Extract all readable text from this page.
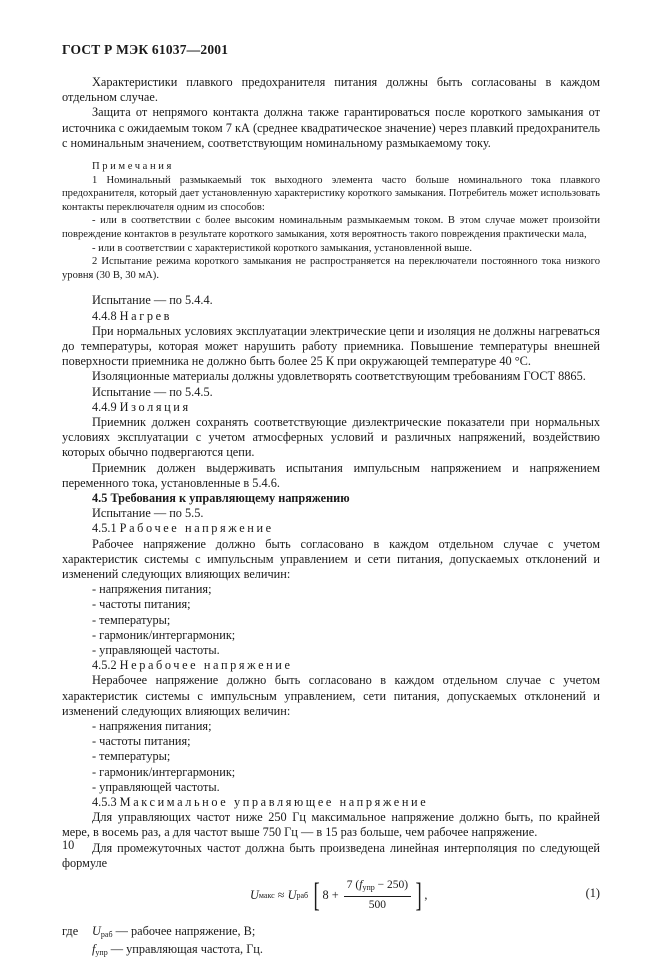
ГОСТ Р МЭК 61037—2001

Характеристики плавкого предохранителя питания должны быть согласованы в каждом отдельном случае.

Защита от непрямого контакта должна также гарантироваться после короткого замыкания от источника с ожидаемым током 7 кА (среднее квадратическое значение) через плавкий предохранитель с номинальным значением, соответствующим номинальному размыкаемому току.

Примечания

1 Номинальный размыкаемый ток выходного элемента часто больше номинального тока плавкого предохранителя, который дает установленную характеристику короткого замыкания. Потребитель может использовать контакты переключателя одним из способов:

- или в соответствии с более высоким номинальным размыкаемым током. В этом случае может произойти повреждение контактов в результате короткого замыкания, хотя вероятность такого повреждения практически мала,

- или в соответствии с характеристикой короткого замыкания, установленной выше.

2 Испытание режима короткого замыкания не распространяется на переключатели постоянного тока низкого уровня (30 В, 30 мА).

Испытание — по 5.4.4.

4.4.8 Нагрев

При нормальных условиях эксплуатации электрические цепи и изоляция не должны нагреваться до температуры, которая может нарушить работу приемника. Повышение температуры внешней поверхности приемника не должно быть более 25 К при окружающей температуре 40 °С.

Изоляционные материалы должны удовлетворять соответствующим требованиям ГОСТ 8865.

Испытание — по 5.4.5.

4.4.9 Изоляция

Приемник должен сохранять соответствующие диэлектрические показатели при нормальных условиях эксплуатации с учетом атмосферных условий и различных напряжений, воздействию которых обычно подвергаются цепи.

Приемник должен выдерживать испытания импульсным напряжением и напряжением переменного тока, установленные в 5.4.6.

4.5 Требования к управляющему напряжению

Испытание — по 5.5.

4.5.1 Рабочее напряжение

Рабочее напряжение должно быть согласовано в каждом отдельном случае с учетом характеристик системы с импульсным управлением и сети питания, допускаемых отклонений и изменений следующих влияющих величин:

- напряжения питания;

- частоты питания;

- температуры;

- гармоник/интергармоник;

- управляющей частоты.

4.5.2 Нерабочее напряжение

Нерабочее напряжение должно быть согласовано в каждом отдельном случае с учетом характеристик системы с импульсным управлением, сети питания, допускаемых отклонений и изменений следующих влияющих величин:

- напряжения питания;

- частоты питания;

- температуры;

- гармоник/интергармоник;

- управляющей частоты.

4.5.3 Максимальное управляющее напряжение

Для управляющих частот ниже 250 Гц максимальное напряжение должно быть, по крайней мере, в восемь раз, а для частот выше 750 Гц — в 15 раз больше, чем рабочее напряжение.

Для промежуточных частот должна быть произведена линейная интерполяция по следующей формуле

U макс
≈
U раб
[ 8 +
$\frac{7 (f_{упр} - 250)}{500}$ ] ,	(1)
где	$U_{раб}$ — рабочее напряжение, В;
$f_{упр}$ — управляющая частота, Гц.
10
